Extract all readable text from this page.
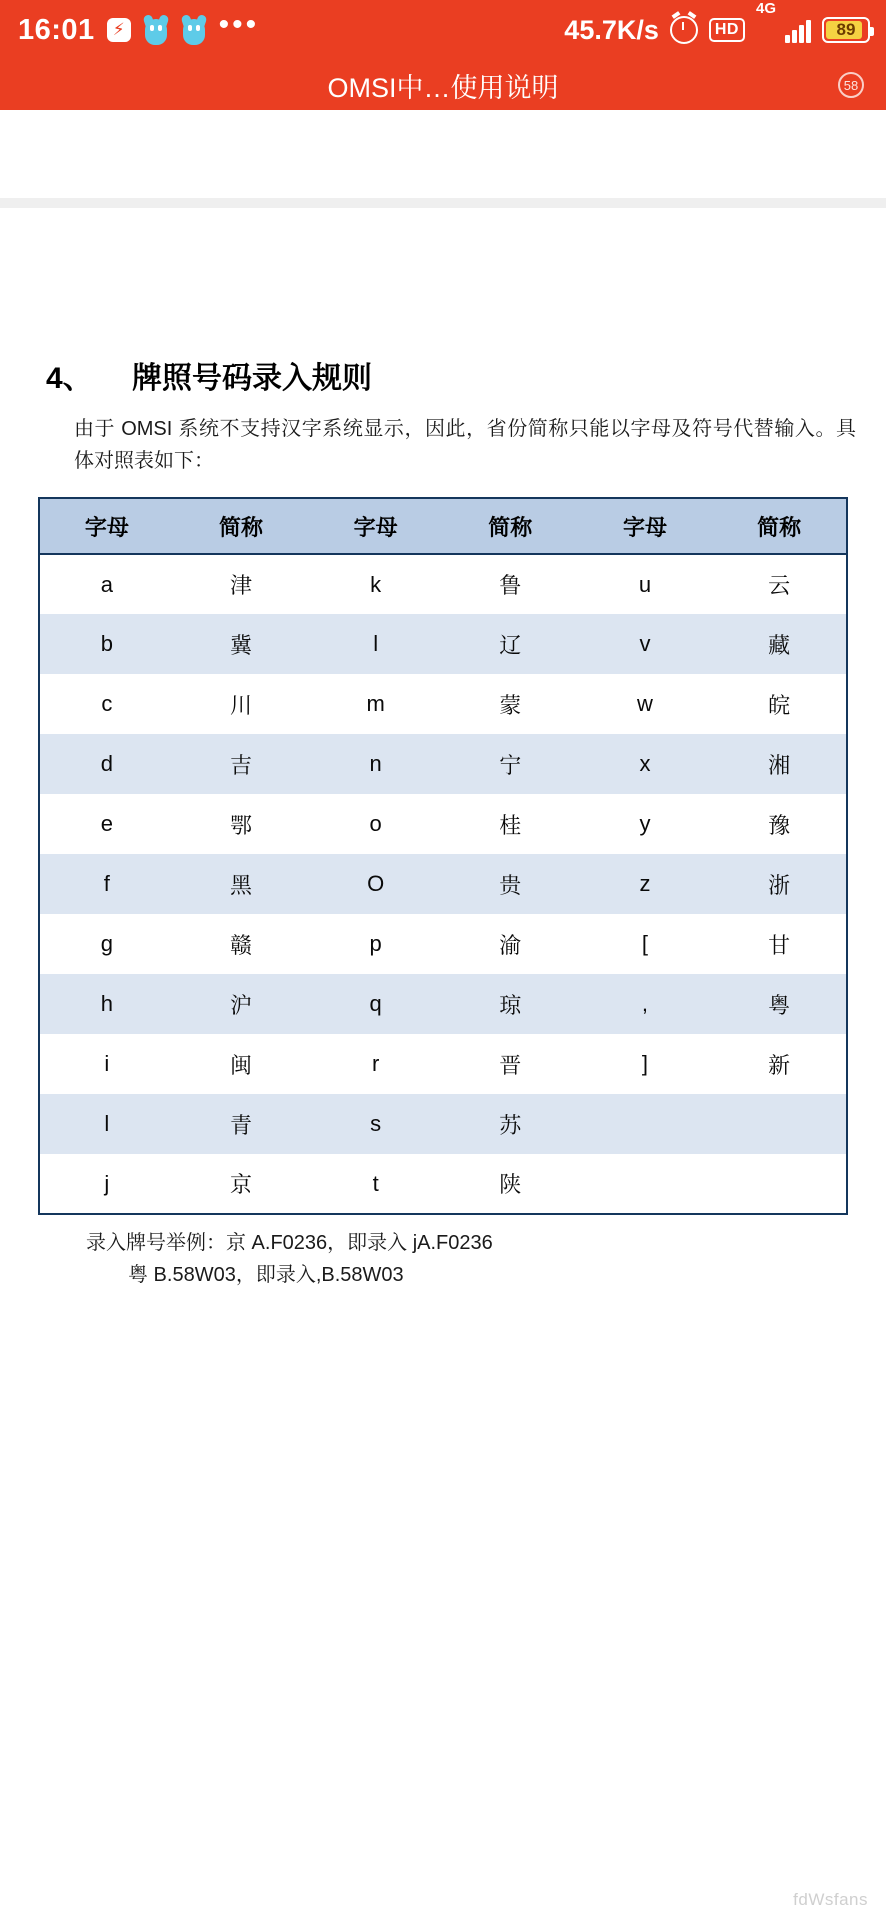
16:01	⚡	•••	45.7K/s	HD
4G
89
OMSI中…使用说明	58
4、	牌照号码录入规则

由于 OMSI 系统不支持汉字系统显示，因此，省份简称只能以字母及符号代替输入。具体对照表如下：

字母	简称	字母	简称	字母	简称
a	津	k	鲁	u	云
b	冀	l	辽	v	藏
c	川	m	蒙	w	皖
d	吉	n	宁	x	湘
e	鄂	o	桂	y	豫
f	黑	O	贵	z	浙
g	赣	p	渝	[	甘
h	沪	q	琼	,	粤
i	闽	r	晋	]	新
l	青	s	苏		
j	京	t	陕		
录入牌号举例：京 A.F0236，即录入 jA.F0236
粤 B.58W03，即录入,B.58W03
fdWsfans
